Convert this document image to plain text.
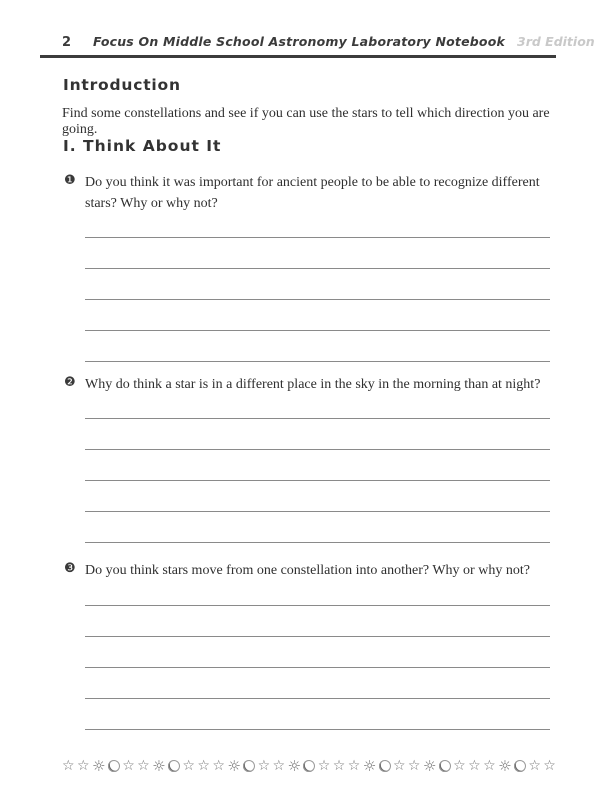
2 Focus On Middle School Astronomy Laboratory Notebook 3rd Edition
Introduction
Find some constellations and see if you can use the stars to tell which direction you are going.
I. Think About It
❶ Do you think it was important for ancient people to be able to recognize different stars? Why or why not?
❷ Why do think a star is in a different place in the sky in the morning than at night?
❸ Do you think stars move from one constellation into another? Why or why not?
☆ ☆ ☼ ☆ ☆ ☼ ☆ ☆ ☆ ☼ ☆ ☆ ☼ ☆ ☆ ☆ ☼ ☆ ☆ ☼ ☆ ☆ ☆ ☼ ☆ ☆
